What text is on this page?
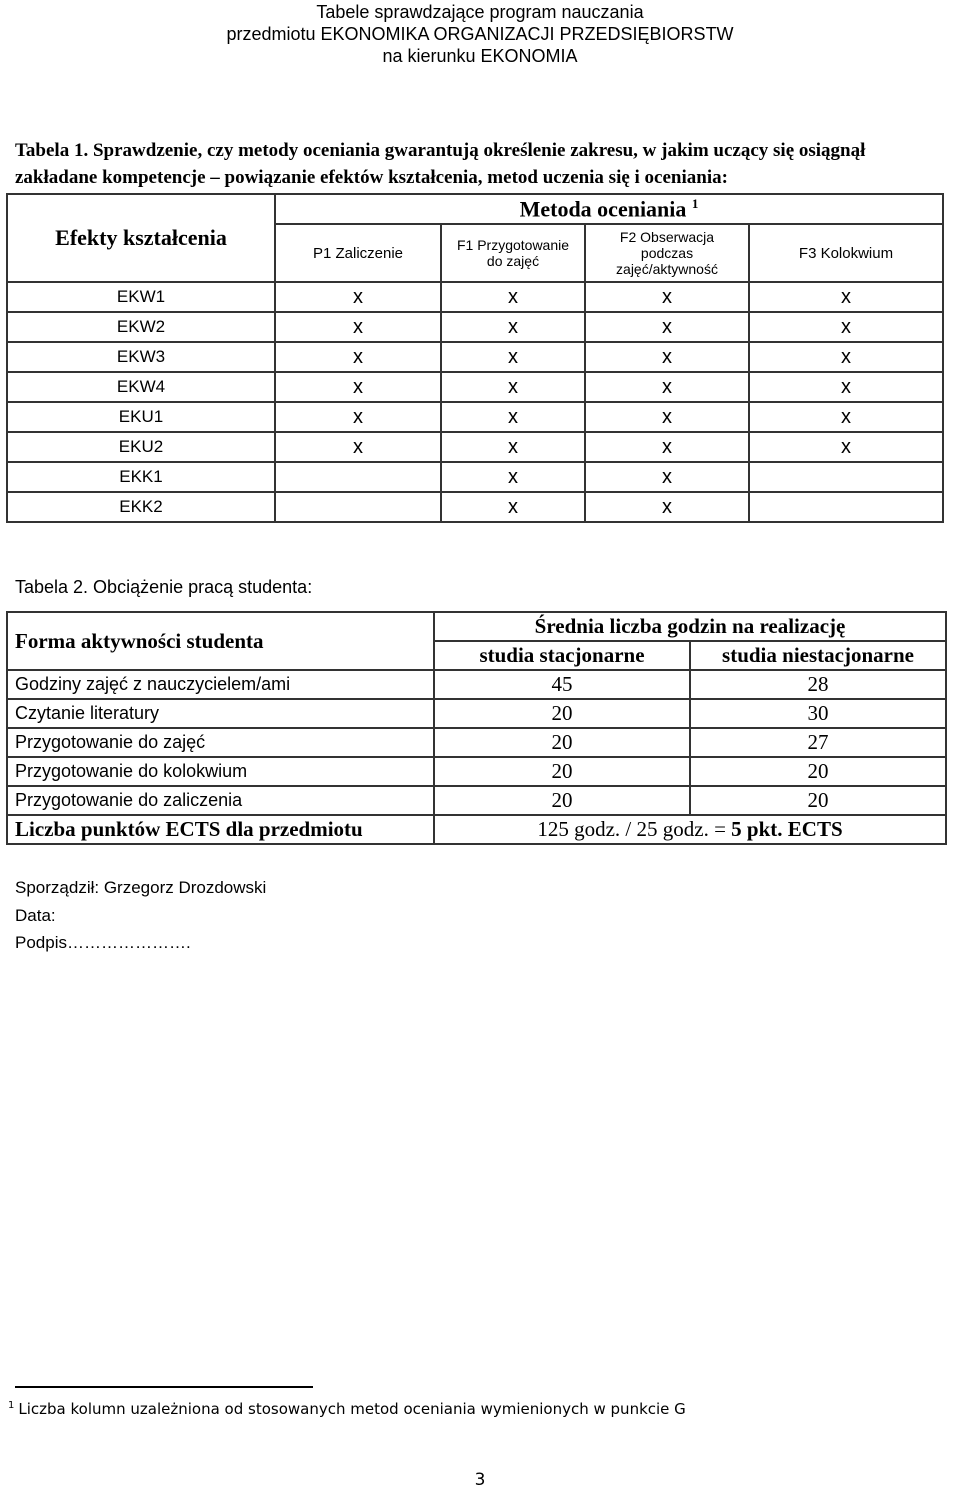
Tabele sprawdzające program nauczania
przedmiotu EKONOMIKA ORGANIZACJI PRZEDSIĘBIORSTW
na kierunku EKONOMIA
Tabela 1. Sprawdzenie, czy metody oceniania gwarantują określenie zakresu, w jakim uczący się osiągnął
zakładane kompetencje – powiązanie efektów kształcenia, metod uczenia się i oceniania:
Efekty kształcenia	Metoda oceniania $^1$
	P1 Zaliczenie	F1 Przygotowanie do zajęć	F2 Obserwacja podczas zajęć/aktywność	F3 Kolokwium
EKW1	x	x	x	x
EKW2	x	x	x	x
EKW3	x	x	x	x
EKW4	x	x	x	x
EKU1	x	x	x	x
EKU2	x	x	x	x
EKK1		x	x	
EKK2		x	x	
Tabela 2. Obciążenie pracą studenta:
Forma aktywności studenta	Średnia liczba godzin na realizację	
	studia stacjonarne	studia niestacjonarne
Godziny zajęć z nauczycielem/ami	45	28
Czytanie literatury	20	30
Przygotowanie do zajęć	20	27
Przygotowanie do kolokwium	20	20
Przygotowanie do zaliczenia	20	20
Liczba punktów ECTS dla przedmiotu	125 godz. / 25 godz. = 5 pkt. ECTS	
Sporządził: Grzegorz Drozdowski
Data:
Podpis………………….
$^1$ Liczba kolumn uzależniona od stosowanych metod oceniania wymienionych w punkcie G
3
